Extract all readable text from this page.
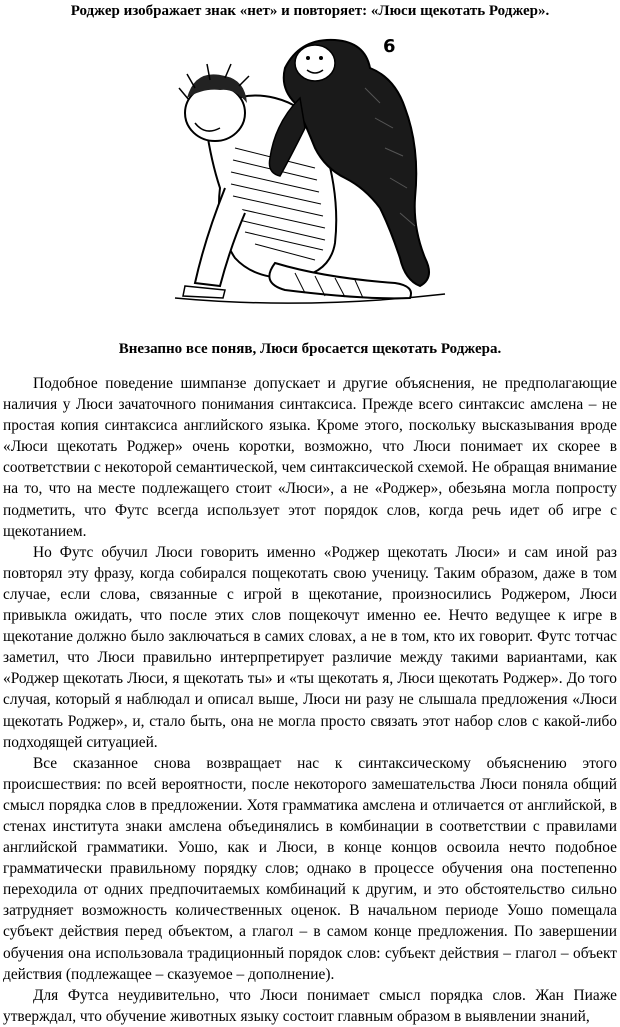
Роджер изображает знак «нет» и повторяет: «Люси щекотать Роджер».

6

Внезапно все поняв, Люси бросается щекотать Роджера.

Подобное поведение шимпанзе допускает и другие объяснения, не предполагающие наличия у Люси зачаточного понимания синтаксиса. Прежде всего синтаксис амслена – не простая копия синтаксиса английского языка. Кроме этого, поскольку высказывания вроде «Люси щекотать Роджер» очень коротки, возможно, что Люси понимает их скорее в соответствии с некоторой семантической, чем синтаксической схемой. Не обращая внимание на то, что на месте подлежащего стоит «Люси», а не «Роджер», обезьяна могла попросту подметить, что Футс всегда использует этот порядок слов, когда речь идет об игре с щекотанием.

Но Футс обучил Люси говорить именно «Роджер щекотать Люси» и сам иной раз повторял эту фразу, когда собирался пощекотать свою ученицу. Таким образом, даже в том случае, если слова, связанные с игрой в щекотание, произносились Роджером, Люси привыкла ожидать, что после этих слов пощекочут именно ее. Нечто ведущее к игре в щекотание должно было заключаться в самих словах, а не в том, кто их говорит. Футс тотчас заметил, что Люси правильно интерпретирует различие между такими вариантами, как «Роджер щекотать Люси, я щекотать ты» и «ты щекотать я, Люси щекотать Роджер». До того случая, который я наблюдал и описал выше, Люси ни разу не слышала предложения «Люси щекотать Роджер», и, стало быть, она не могла просто связать этот набор слов с какой-либо подходящей ситуацией.

Все сказанное снова возвращает нас к синтаксическому объяснению этого происшествия: по всей вероятности, после некоторого замешательства Люси поняла общий смысл порядка слов в предложении. Хотя грамматика амслена и отличается от английской, в стенах института знаки амслена объединялись в комбинации в соответствии с правилами английской грамматики. Уошо, как и Люси, в конце концов освоила нечто подобное грамматически правильному порядку слов; однако в процессе обучения она постепенно переходила от одних предпочитаемых комбинаций к другим, и это обстоятельство сильно затрудняет возможность количественных оценок. В начальном периоде Уошо помещала субъект действия перед объектом, а глагол – в самом конце предложения. По завершении обучения она использовала традиционный порядок слов: субъект действия – глагол – объект действия (подлежащее – сказуемое – дополнение).

Для Футса неудивительно, что Люси понимает смысл порядка слов. Жан Пиаже утверждал, что обучение животных языку состоит главным образом в выявлении знаний,
